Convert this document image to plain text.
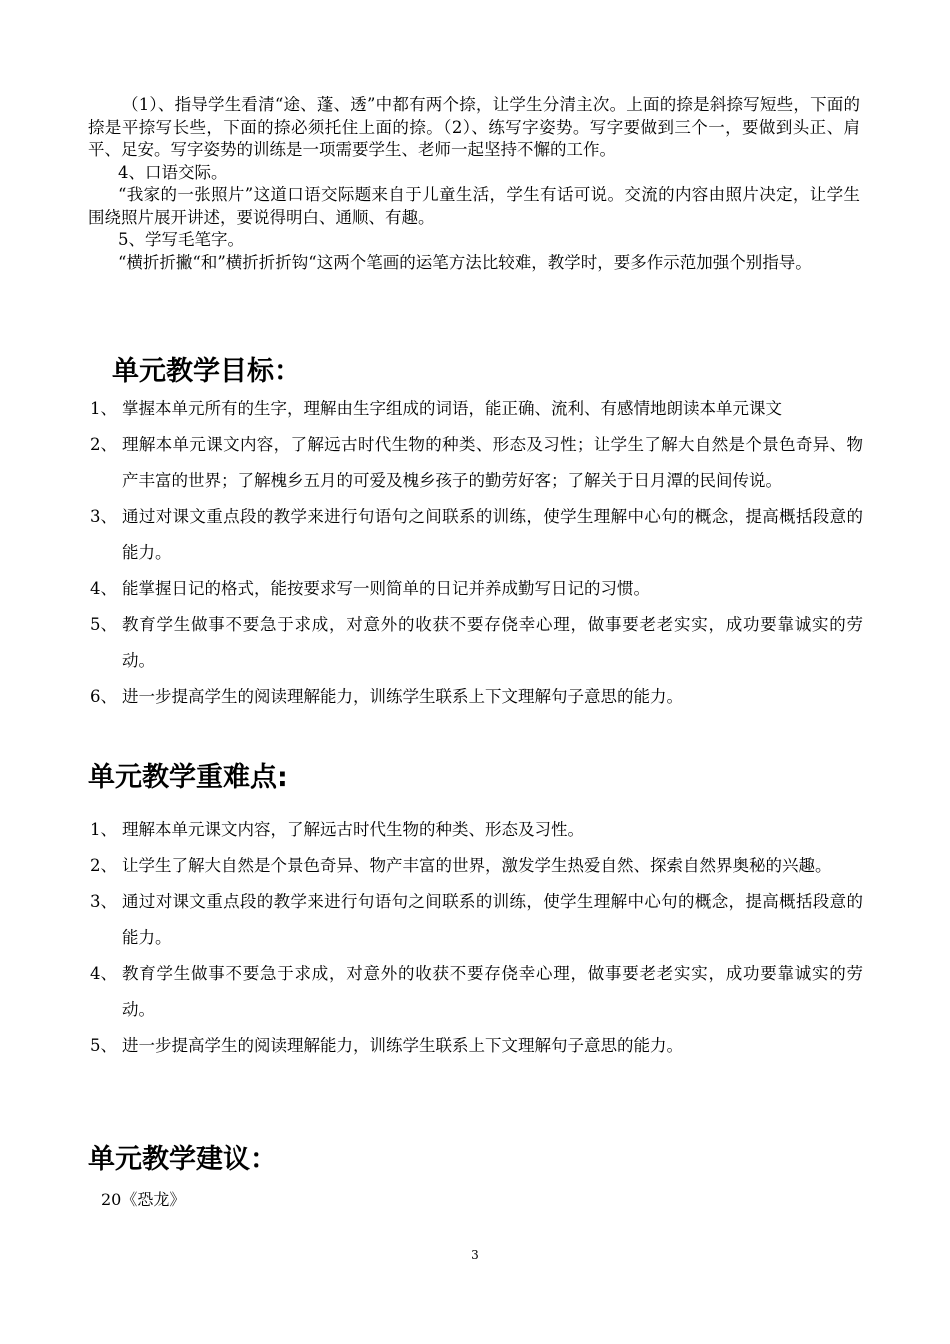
（1）、指导学生看清“途、蓬、透”中都有两个捺，让学生分清主次。上面的捺是斜捺写短些，下面的捺是平捺写长些，下面的捺必须托住上面的捺。（2）、练写字姿势。写字要做到三个一，要做到头正、肩平、足安。写字姿势的训练是一项需要学生、老师一起坚持不懈的工作。

4、口语交际。

“我家的一张照片”这道口语交际题来自于儿童生活，学生有话可说。交流的内容由照片决定，让学生围绕照片展开讲述，要说得明白、通顺、有趣。

5、学写毛笔字。

“横折折撇“和”横折折折钩“这两个笔画的运笔方法比较难，教学时，要多作示范加强个别指导。

单元教学目标：
1、 掌握本单元所有的生字，理解由生字组成的词语，能正确、流利、有感情地朗读本单元课文
2、 理解本单元课文内容，了解远古时代生物的种类、形态及习性；让学生了解大自然是个景色奇异、物产丰富的世界；了解槐乡五月的可爱及槐乡孩子的勤劳好客；了解关于日月潭的民间传说。
3、 通过对课文重点段的教学来进行句语句之间联系的训练，使学生理解中心句的概念，提高概括段意的能力。
4、 能掌握日记的格式，能按要求写一则简单的日记并养成勤写日记的习惯。
5、 教育学生做事不要急于求成，对意外的收获不要存侥幸心理，做事要老老实实，成功要靠诚实的劳动。
6、 进一步提高学生的阅读理解能力，训练学生联系上下文理解句子意思的能力。
单元教学重难点:
1、 理解本单元课文内容，了解远古时代生物的种类、形态及习性。
2、 让学生了解大自然是个景色奇异、物产丰富的世界，激发学生热爱自然、探索自然界奥秘的兴趣。
3、 通过对课文重点段的教学来进行句语句之间联系的训练，使学生理解中心句的概念，提高概括段意的能力。
4、 教育学生做事不要急于求成，对意外的收获不要存侥幸心理，做事要老老实实，成功要靠诚实的劳动。
5、 进一步提高学生的阅读理解能力，训练学生联系上下文理解句子意思的能力。
单元教学建议：

20《恐龙》

3
